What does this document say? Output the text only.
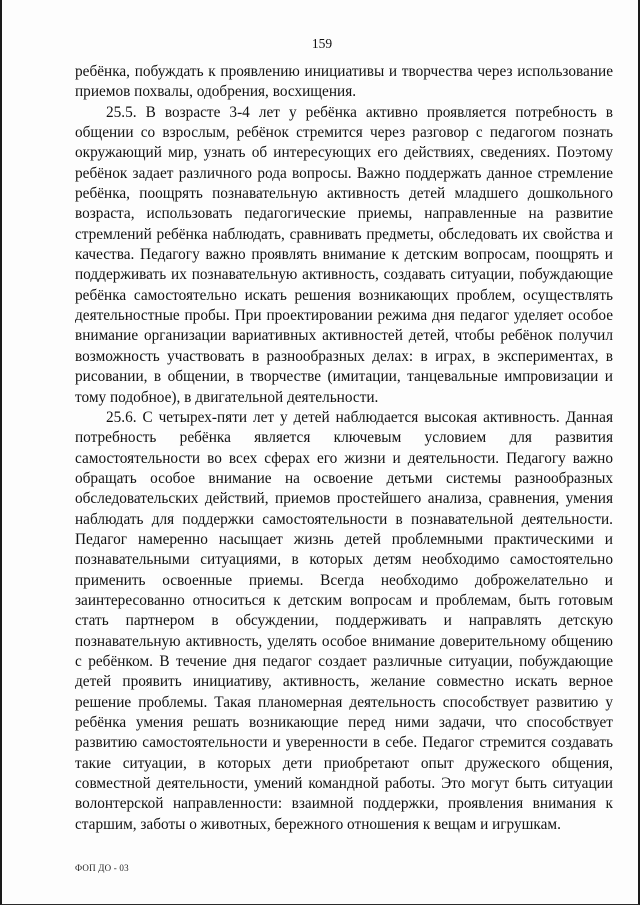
159

ребёнка, побуждать к проявлению инициативы и творчества через использование приемов похвалы, одобрения, восхищения.

25.5. В возрасте 3-4 лет у ребёнка активно проявляется потребность в общении со взрослым, ребёнок стремится через разговор с педагогом познать окружающий мир, узнать об интересующих его действиях, сведениях. Поэтому ребёнок задает различного рода вопросы. Важно поддержать данное стремление ребёнка, поощрять познавательную активность детей младшего дошкольного возраста, использовать педагогические приемы, направленные на развитие стремлений ребёнка наблюдать, сравнивать предметы, обследовать их свойства и качества. Педагогу важно проявлять внимание к детским вопросам, поощрять и поддерживать их познавательную активность, создавать ситуации, побуждающие ребёнка самостоятельно искать решения возникающих проблем, осуществлять деятельностные пробы. При проектировании режима дня педагог уделяет особое внимание организации вариативных активностей детей, чтобы ребёнок получил возможность участвовать в разнообразных делах: в играх, в экспериментах, в рисовании, в общении, в творчестве (имитации, танцевальные импровизации и тому подобное), в двигательной деятельности.

25.6. С четырех-пяти лет у детей наблюдается высокая активность. Данная потребность ребёнка является ключевым условием для развития самостоятельности во всех сферах его жизни и деятельности. Педагогу важно обращать особое внимание на освоение детьми системы разнообразных обследовательских действий, приемов простейшего анализа, сравнения, умения наблюдать для поддержки самостоятельности в познавательной деятельности. Педагог намеренно насыщает жизнь детей проблемными практическими и познавательными ситуациями, в которых детям необходимо самостоятельно применить освоенные приемы. Всегда необходимо доброжелательно и заинтересованно относиться к детским вопросам и проблемам, быть готовым стать партнером в обсуждении, поддерживать и направлять детскую познавательную активность, уделять особое внимание доверительному общению с ребёнком. В течение дня педагог создает различные ситуации, побуждающие детей проявить инициативу, активность, желание совместно искать верное решение проблемы. Такая планомерная деятельность способствует развитию у ребёнка умения решать возникающие перед ними задачи, что способствует развитию самостоятельности и уверенности в себе. Педагог стремится создавать такие ситуации, в которых дети приобретают опыт дружеского общения, совместной деятельности, умений командной работы. Это могут быть ситуации волонтерской направленности: взаимной поддержки, проявления внимания к старшим, заботы о животных, бережного отношения к вещам и игрушкам.

ФОП ДО - 03
